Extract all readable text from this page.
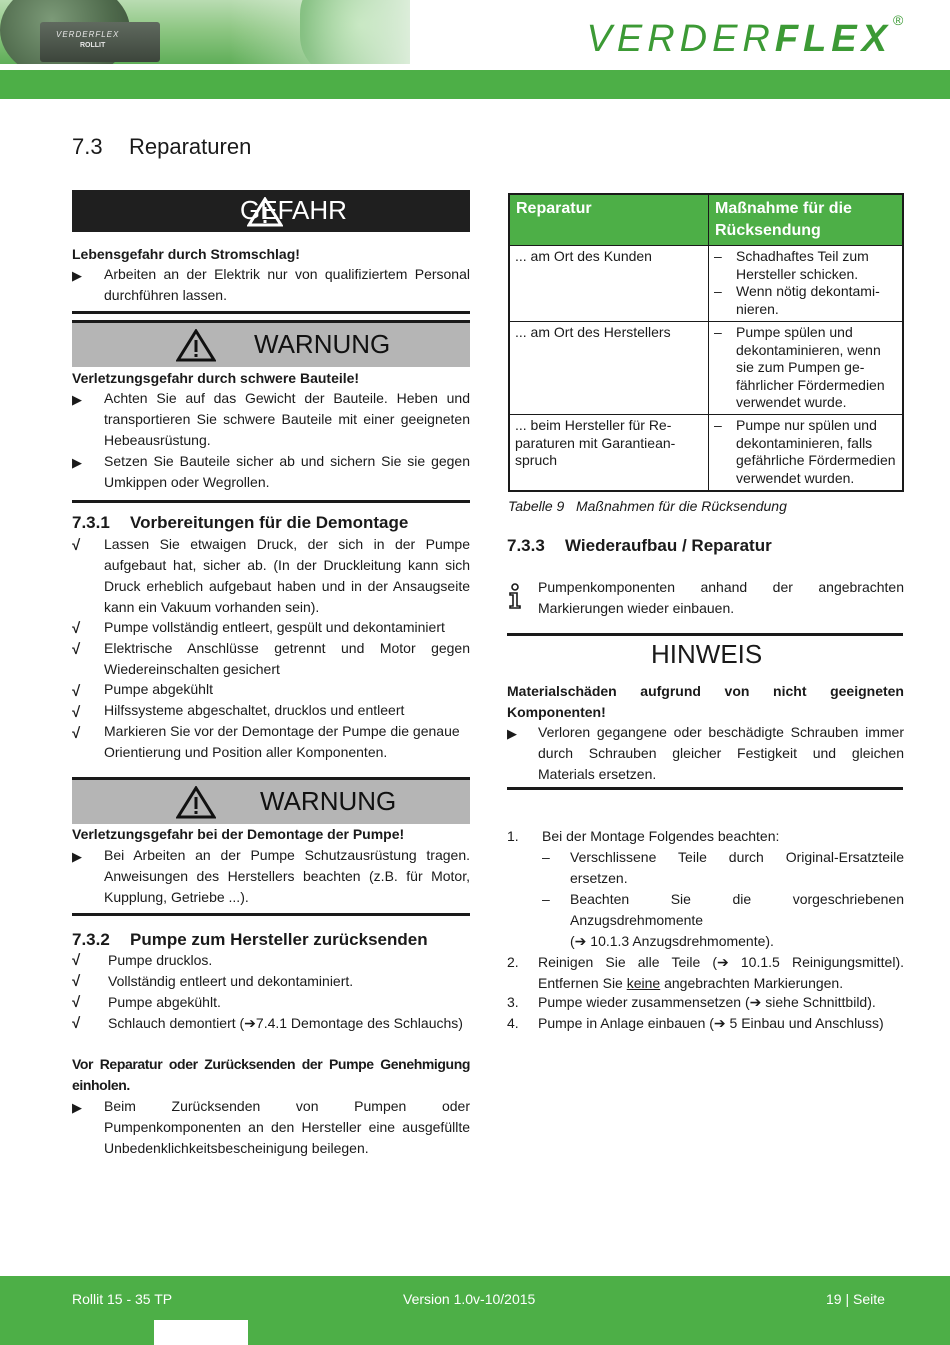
VERDERFLEX
ROLLIT	VERDERFLEX ®
7.3 Reparaturen
GEFAHR
Lebensgefahr durch Stromschlag!
▶ Arbeiten an der Elektrik nur von qualifiziertem Personal durchführen lassen.
WARNUNG
Verletzungsgefahr durch schwere Bauteile!
▶ Achten Sie auf das Gewicht der Bauteile. Heben und transportieren Sie schwere Bauteile mit einer geeigneten Hebeausrüstung.
▶ Setzen Sie Bauteile sicher ab und sichern Sie sie gegen Umkippen oder Wegrollen.
7.3.1 Vorbereitungen für die Demontage
√ Lassen Sie etwaigen Druck, der sich in der Pumpe aufgebaut hat, sicher ab. (In der Druckleitung kann sich Druck erheblich aufgebaut haben und in der Ansaugseite kann ein Vakuum vorhanden sein).
√ Pumpe vollständig entleert, gespült und dekontaminiert
√ Elektrische Anschlüsse getrennt und Motor gegen Wiedereinschalten gesichert
√ Pumpe abgekühlt
√ Hilfssysteme abgeschaltet, drucklos und entleert
√ Markieren Sie vor der Demontage der Pumpe die genaue Orientierung und Position aller Komponenten.
WARNUNG
Verletzungsgefahr bei der Demontage der Pumpe!
▶ Bei Arbeiten an der Pumpe Schutzausrüstung tragen. Anweisungen des Herstellers beachten (z.B. für Motor, Kupplung, Getriebe ...).
7.3.2 Pumpe zum Hersteller zurücksenden
√ Pumpe drucklos.
√ Vollständig entleert und dekontaminiert.
√ Pumpe abgekühlt.
√ Schlauch demontiert (➔7.4.1 Demontage des Schlauchs)
Vor Reparatur oder Zurücksenden der Pumpe Genehmigung einholen.
▶ Beim Zurücksenden von Pumpen oder Pumpenkomponenten an den Hersteller eine ausgefüllte Unbedenklichkeitsbescheinigung beilegen.
Reparatur	Maßnahme für die Rücksendung
... am Ort des Kunden	– Schadhaftes Teil zum Hersteller schicken.
– Wenn nötig dekontaminieren.

... am Ort des Herstellers	– Pumpe spülen und dekontaminieren, wenn sie zum Pumpen gefährlicher Fördermedien verwendet wurde.

... beim Hersteller für Reparaturen mit Garantieanspruch	– Pumpe nur spülen und dekontaminieren, falls gefährliche Fördermedien verwendet wurden.
Tabelle 9 Maßnahmen für die Rücksendung
7.3.3 Wiederaufbau / Reparatur
Pumpenkomponenten anhand der angebrachten Markierungen wieder einbauen.
HINWEIS
Materialschäden aufgrund von nicht geeigneten Komponenten!
▶ Verloren gegangene oder beschädigte Schrauben immer durch Schrauben gleicher Festigkeit und gleichen Materials ersetzen.
1. Bei der Montage Folgendes beachten:
– Verschlissene Teile durch Original-Ersatzteile ersetzen.
– Beachten Sie die vorgeschriebenen Anzugsdrehmomente
(➔ 10.1.3 Anzugsdrehmomente).
2. Reinigen Sie alle Teile (➔ 10.1.5 Reinigungsmittel).
Entfernen Sie keine angebrachten Markierungen.
3. Pumpe wieder zusammensetzen (➔ siehe Schnittbild).
4. Pumpe in Anlage einbauen (➔ 5 Einbau und Anschluss)
Rollit 15 - 35 TP	Version 1.0v-10/2015	19 | Seite
